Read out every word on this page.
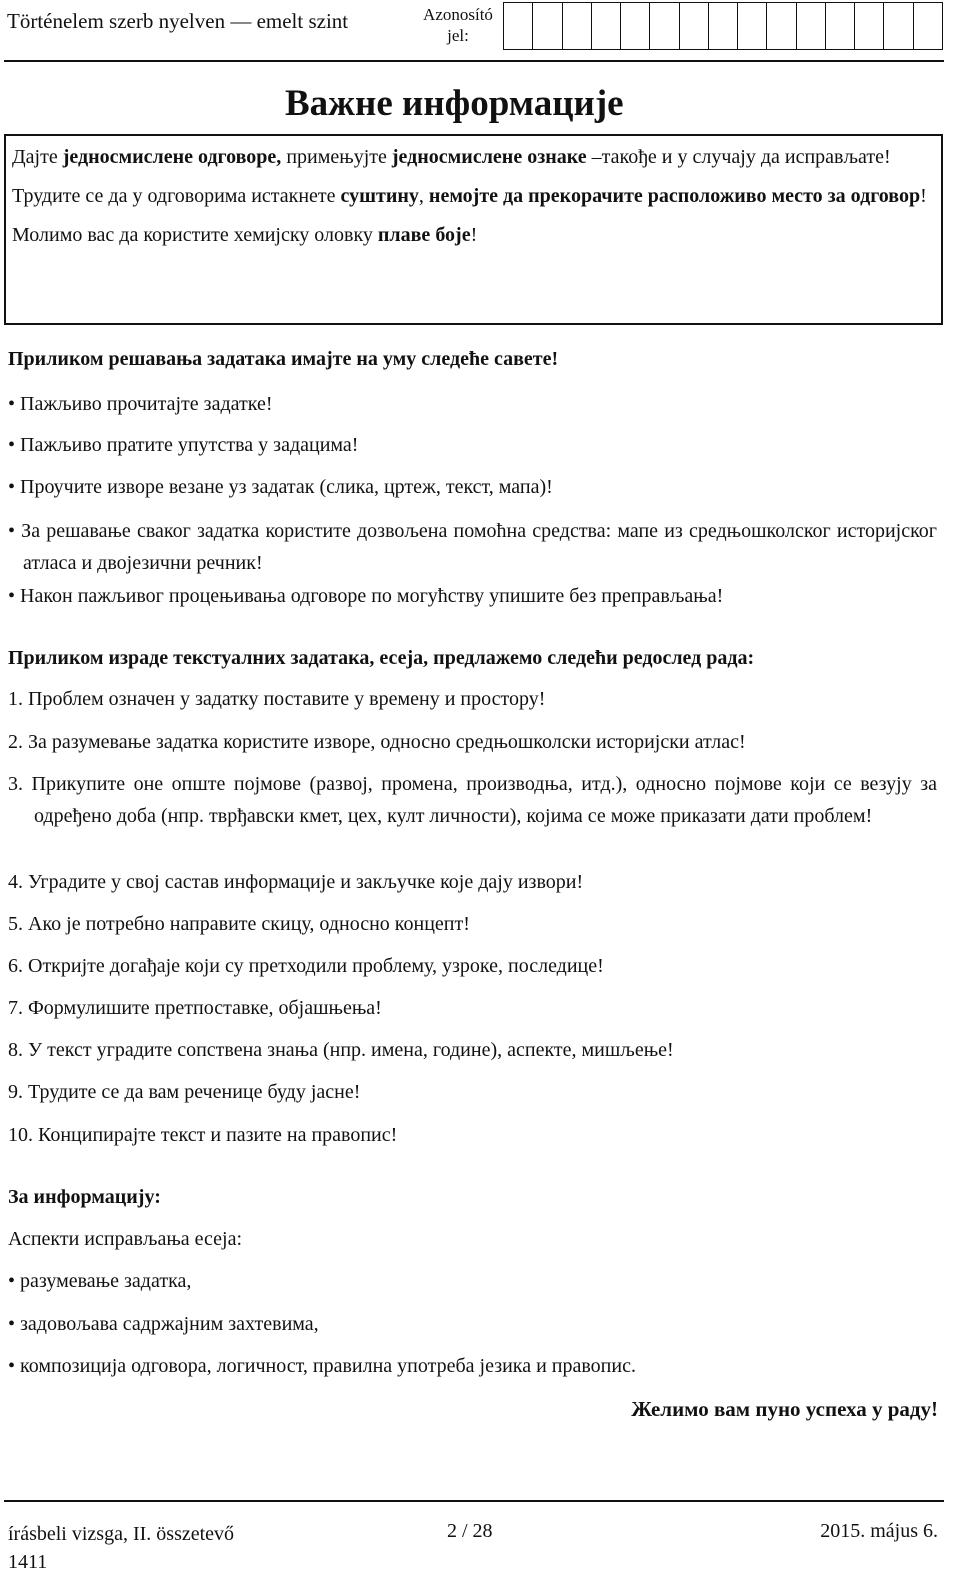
Történelem szerb nyelven — emelt szint	Azonosító
jel:
Важне информације

Дајте једносмислене одговоре, примењујте једносмислене ознаке –такође и у случају да исправљате!

Трудите се да у одговорима истакнете суштину, немојте да прекорачите расположиво место за одговор!

Молимо вас да користите хемијску оловку плаве боје!

Приликом решавања задатака имајте на уму следеће савете!
• Пажљиво прочитајте задатке!
• Пажљиво пратите упутства у задацима!
• Проучите изворе везане уз задатак (слика, цртеж, текст, мапа)!
• За решавање сваког задатка користите дозвољена помоћна средства: мапе из средњошколског историјског атласа и двојезични речник!
• Након пажљивог процењивања одговоре по могућству упишите без преправљања!
Приликом израде текстуалних задатака, есеја, предлажемо следећи редослед рада:
1. Проблем означен у задатку поставите у времену и простору!
2. За разумевање задатка користите изворе, односно средњошколски историјски атлас!
3. Прикупите оне опште појмове (развој, промена, производња, итд.), односно појмове који се везују за одређено доба (нпр. тврђавски кмет, цех, култ личности), којима се може приказати дати проблем!
4. Уградите у свој састав информације и закључке које дају извори!
5. Ако је потребно направите скицу, односно концепт!
6. Откријте догађаје који су претходили проблему, узроке, последице!
7. Формулишите претпоставке, објашњења!
8. У текст уградите сопствена знања (нпр. имена, године), аспекте, мишљење!
9. Трудите се да вам реченице буду јасне!
10. Конципирајте текст и пазите на правопис!
За информацију:
Аспекти исправљања есеја:
• разумевање задатка,
• задовољава садржајним захтевима,
• композиција одговора, логичност, правилна употреба језика и правопис.
Желимо вам пуно успеха у раду!
írásbeli vizsga, II. összetevő
1411
2 / 28	2015. május 6.
